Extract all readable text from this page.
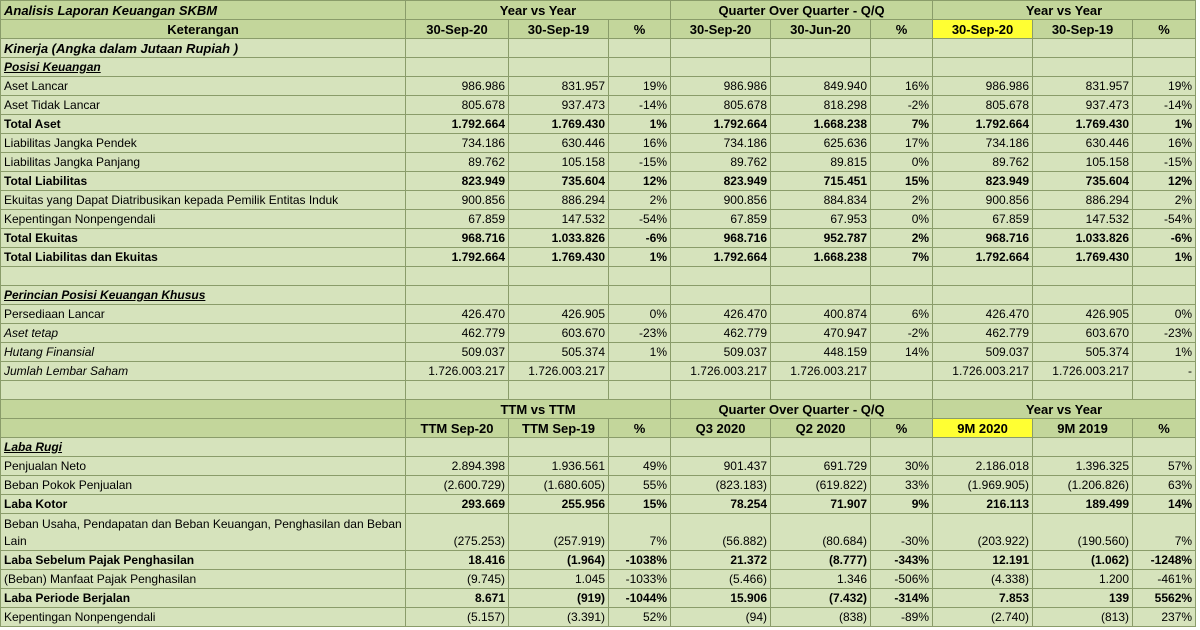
Analisis Laporan Keuangan SKBM	Year vs Year			Quarter Over Quarter - Q/Q			Year vs Year		
Keterangan	30-Sep-20	30-Sep-19	%	30-Sep-20	30-Jun-20	%	30-Sep-20	30-Sep-19	%
Kinerja (Angka dalam Jutaan Rupiah )									
Posisi Keuangan									
Aset Lancar	986.986	831.957	19%	986.986	849.940	16%	986.986	831.957	19%
Aset Tidak Lancar	805.678	937.473	-14%	805.678	818.298	-2%	805.678	937.473	-14%
Total Aset	1.792.664	1.769.430	1%	1.792.664	1.668.238	7%	1.792.664	1.769.430	1%
Liabilitas Jangka Pendek	734.186	630.446	16%	734.186	625.636	17%	734.186	630.446	16%
Liabilitas Jangka Panjang	89.762	105.158	-15%	89.762	89.815	0%	89.762	105.158	-15%
Total Liabilitas	823.949	735.604	12%	823.949	715.451	15%	823.949	735.604	12%
Ekuitas yang Dapat Diatribusikan kepada Pemilik Entitas Induk	900.856	886.294	2%	900.856	884.834	2%	900.856	886.294	2%
Kepentingan Nonpengendali	67.859	147.532	-54%	67.859	67.953	0%	67.859	147.532	-54%
Total Ekuitas	968.716	1.033.826	-6%	968.716	952.787	2%	968.716	1.033.826	-6%
Total Liabilitas dan Ekuitas	1.792.664	1.769.430	1%	1.792.664	1.668.238	7%	1.792.664	1.769.430	1%

Perincian Posisi Keuangan Khusus									
Persediaan Lancar	426.470	426.905	0%	426.470	400.874	6%	426.470	426.905	0%
Aset tetap	462.779	603.670	-23%	462.779	470.947	-2%	462.779	603.670	-23%
Hutang Finansial	509.037	505.374	1%	509.037	448.159	14%	509.037	505.374	1%
Jumlah Lembar Saham	1.726.003.217	1.726.003.217		1.726.003.217	1.726.003.217		1.726.003.217	1.726.003.217	-

	TTM vs TTM			Quarter Over Quarter - Q/Q			Year vs Year		
	TTM Sep-20	TTM Sep-19	%	Q3 2020	Q2 2020	%	9M 2020	9M 2019	%
Laba Rugi									
Penjualan Neto	2.894.398	1.936.561	49%	901.437	691.729	30%	2.186.018	1.396.325	57%
Beban Pokok Penjualan	(2.600.729)	(1.680.605)	55%	(823.183)	(619.822)	33%	(1.969.905)	(1.206.826)	63%
Laba Kotor	293.669	255.956	15%	78.254	71.907	9%	216.113	189.499	14%
Beban Usaha, Pendapatan dan Beban Keuangan, Penghasilan dan Beban Lain	(275.253)	(257.919)	7%	(56.882)	(80.684)	-30%	(203.922)	(190.560)	7%
Laba Sebelum Pajak Penghasilan	18.416	(1.964)	-1038%	21.372	(8.777)	-343%	12.191	(1.062)	-1248%
(Beban) Manfaat Pajak Penghasilan	(9.745)	1.045	-1033%	(5.466)	1.346	-506%	(4.338)	1.200	-461%
Laba Periode Berjalan	8.671	(919)	-1044%	15.906	(7.432)	-314%	7.853	139	5562%
Kepentingan Nonpengendali	(5.157)	(3.391)	52%	(94)	(838)	-89%	(2.740)	(813)	237%
